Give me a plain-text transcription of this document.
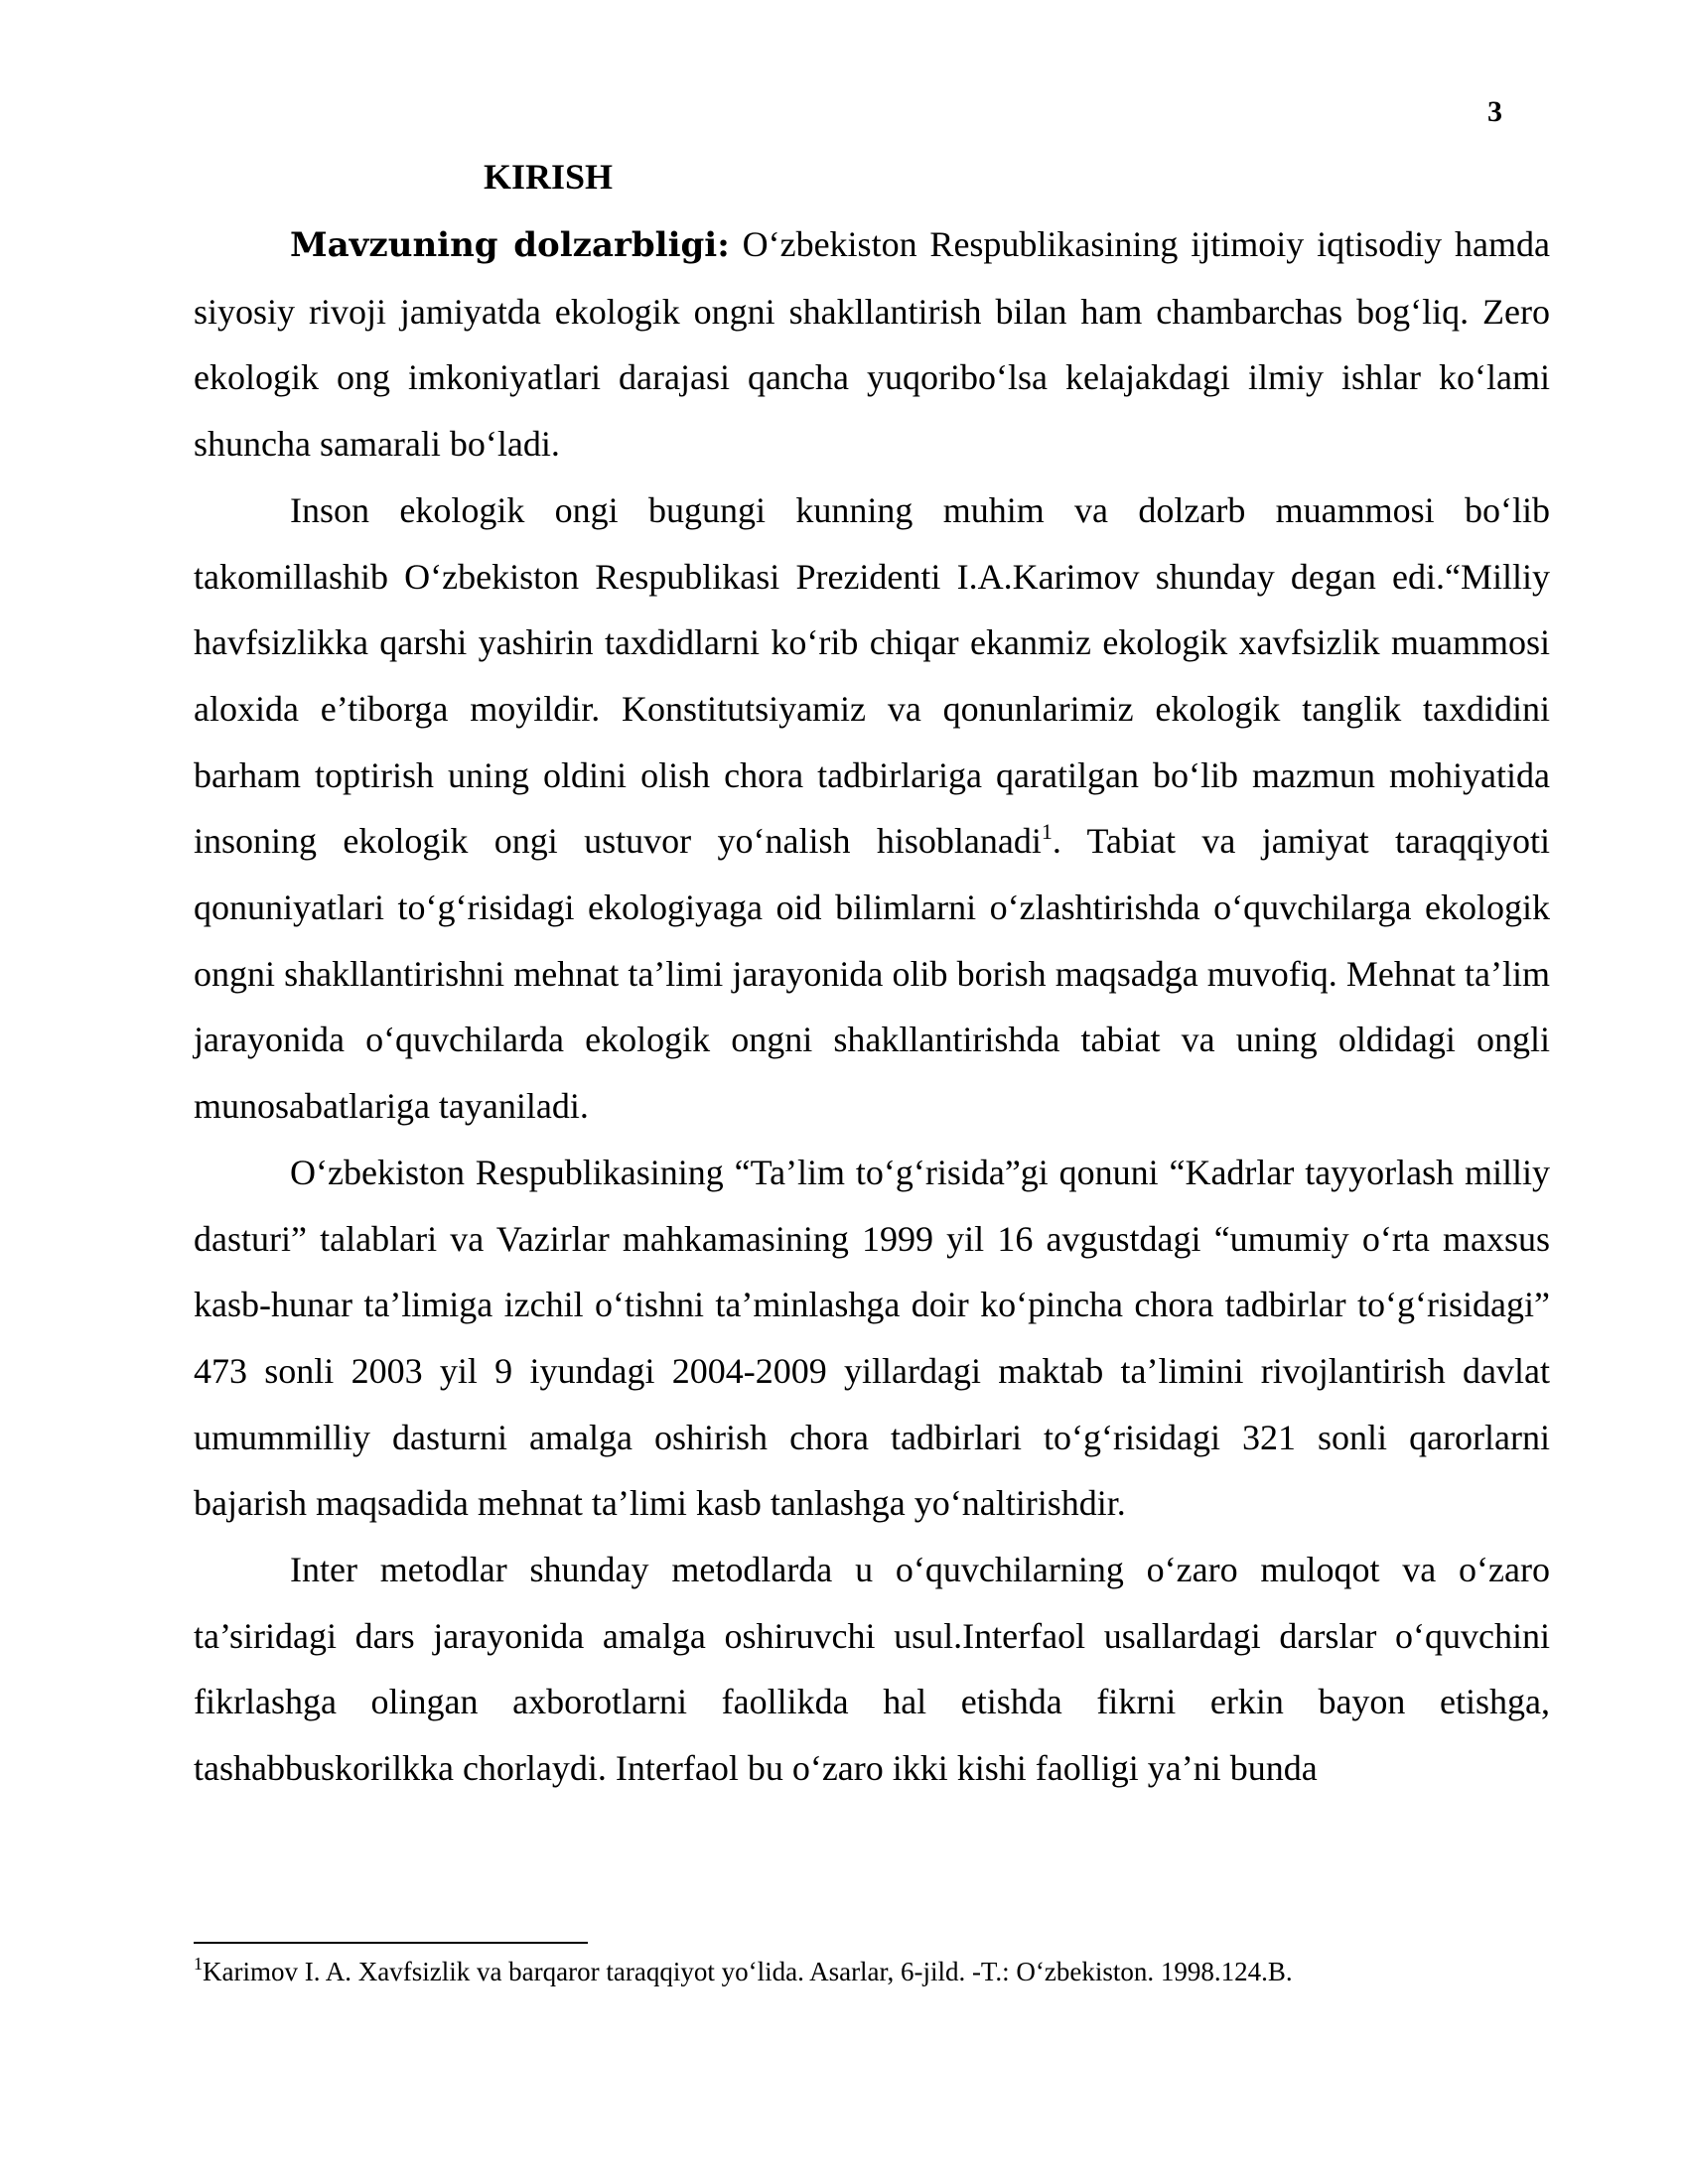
3
KIRISH

Mavzuning dolzarbligi: O‘zbekiston Respublikasining ijtimoiy iqtisodiy hamda siyosiy rivoji jamiyatda ekologik ongni shakllantirish bilan ham chambarchas bog‘liq. Zero ekologik ong imkoniyatlari darajasi qancha yuqoribo‘lsa kelajakdagi ilmiy ishlar ko‘lami shuncha samarali bo‘ladi.

Inson ekologik ongi bugungi kunning muhim va dolzarb muammosi bo‘lib takomillashib O‘zbekiston Respublikasi Prezidenti I.A.Karimov shunday degan edi.“Milliy havfsizlikka qarshi yashirin taxdidlarni ko‘rib chiqar ekanmiz ekologik xavfsizlik muammosi aloxida e’tiborga moyildir. Konstitutsiyamiz va qonunlarimiz ekologik tanglik taxdidini barham toptirish uning oldini olish chora tadbirlariga qaratilgan bo‘lib mazmun mohiyatida insoning ekologik ongi ustuvor yo‘nalish hisoblanadi$^1$. Tabiat va jamiyat taraqqiyoti qonuniyatlari to‘g‘risidagi ekologiyaga oid bilimlarni o‘zlashtirishda o‘quvchilarga ekologik ongni shakllantirishni mehnat ta’limi jarayonida olib borish maqsadga muvofiq. Mehnat ta’lim jarayonida o‘quvchilarda ekologik ongni shakllantirishda tabiat va uning oldidagi ongli munosabatlariga tayaniladi.

O‘zbekiston Respublikasining “Ta’lim to‘g‘risida”gi qonuni “Kadrlar tayyorlash milliy dasturi” talablari va Vazirlar mahkamasining 1999 yil 16 avgustdagi “umumiy o‘rta maxsus kasb-hunar ta’limiga izchil o‘tishni ta’minlashga doir ko‘pincha chora tadbirlar to‘g‘risidagi” 473 sonli 2003 yil 9 iyundagi 2004-2009 yillardagi maktab ta’limini rivojlantirish davlat umummilliy dasturni amalga oshirish chora tadbirlari to‘g‘risidagi 321 sonli qarorlarni bajarish maqsadida mehnat ta’limi kasb tanlashga yo‘naltirishdir.

Inter metodlar shunday metodlarda u o‘quvchilarning o‘zaro muloqot va o‘zaro ta’siridagi dars jarayonida amalga oshiruvchi usul.Interfaol usallardagi darslar o‘quvchini fikrlashga olingan axborotlarni faollikda hal etishda fikrni erkin bayon etishga, tashabbuskorilkka chorlaydi. Interfaol bu o‘zaro ikki kishi faolligi ya’ni bunda

$^1$Karimov I. A. Xavfsizlik va barqaror taraqqiyot yo‘lida. Asarlar, 6-jild. -T.: O‘zbekiston. 1998.124.B.
